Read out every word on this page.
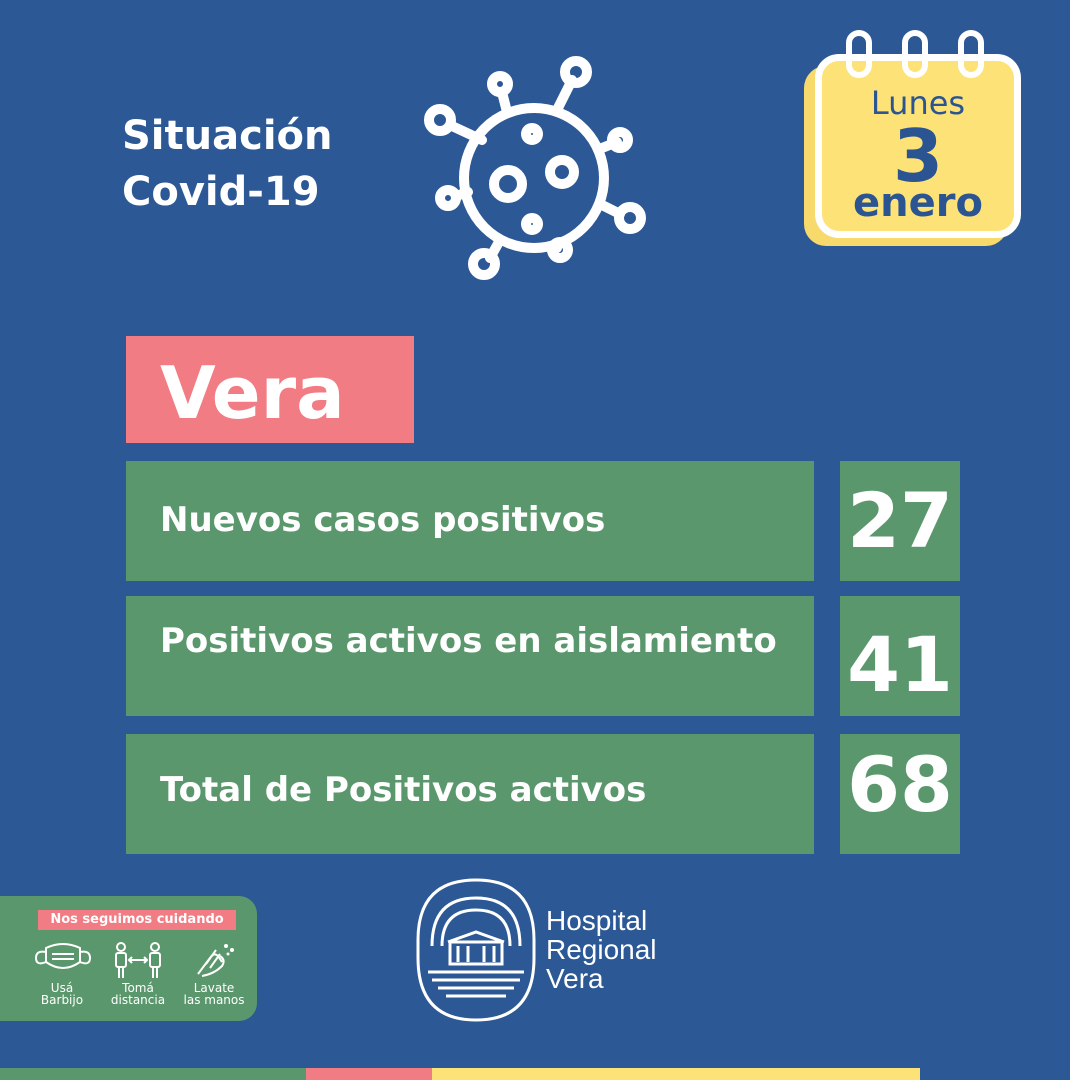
Situación
Covid-19
Lunes
3
enero
Vera
Nuevos casos positivos	27
Positivos activos en aislamiento 41
Total de Positivos activos	68
Nos seguimos cuidando
Usá
Barbijo
Tomá
distancia
Lavate
las manos
Hospital
Regional
Vera
